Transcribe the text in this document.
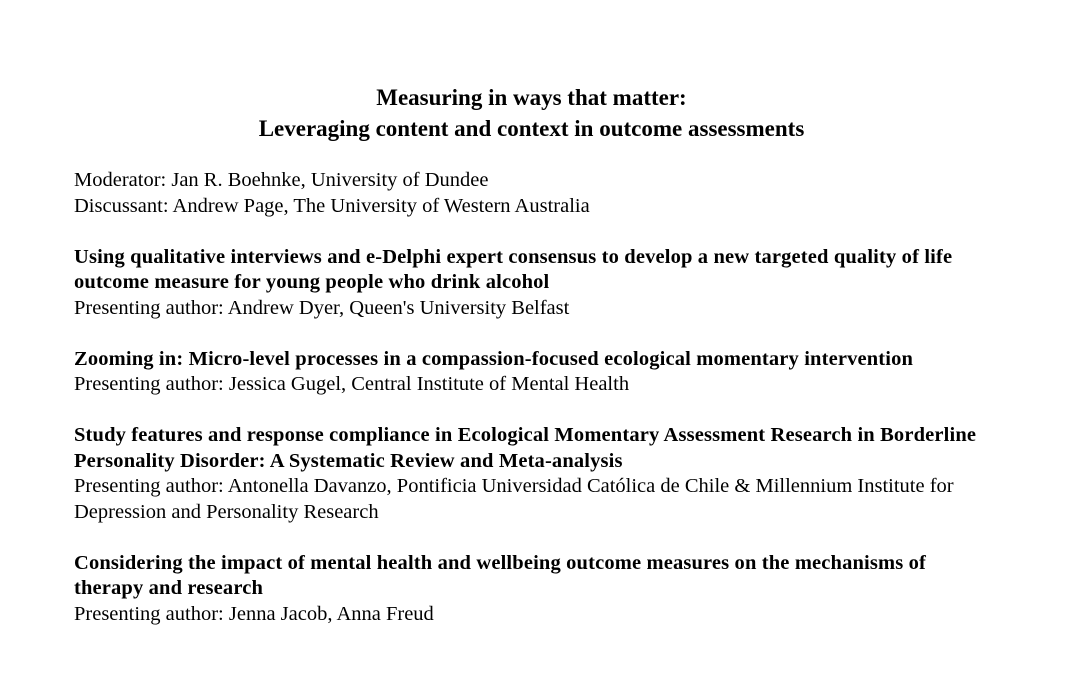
Measuring in ways that matter:
Leveraging content and context in outcome assessments
Moderator: Jan R. Boehnke, University of Dundee
Discussant: Andrew Page, The University of Western Australia
Using qualitative interviews and e-Delphi expert consensus to develop a new targeted quality of life outcome measure for young people who drink alcohol
Presenting author: Andrew Dyer, Queen's University Belfast
Zooming in: Micro-level processes in a compassion-focused ecological momentary intervention
Presenting author: Jessica Gugel, Central Institute of Mental Health
Study features and response compliance in Ecological Momentary Assessment Research in Borderline Personality Disorder: A Systematic Review and Meta-analysis
Presenting author: Antonella Davanzo, Pontificia Universidad Católica de Chile & Millennium Institute for Depression and Personality Research
Considering the impact of mental health and wellbeing outcome measures on the mechanisms of therapy and research
Presenting author: Jenna Jacob, Anna Freud
